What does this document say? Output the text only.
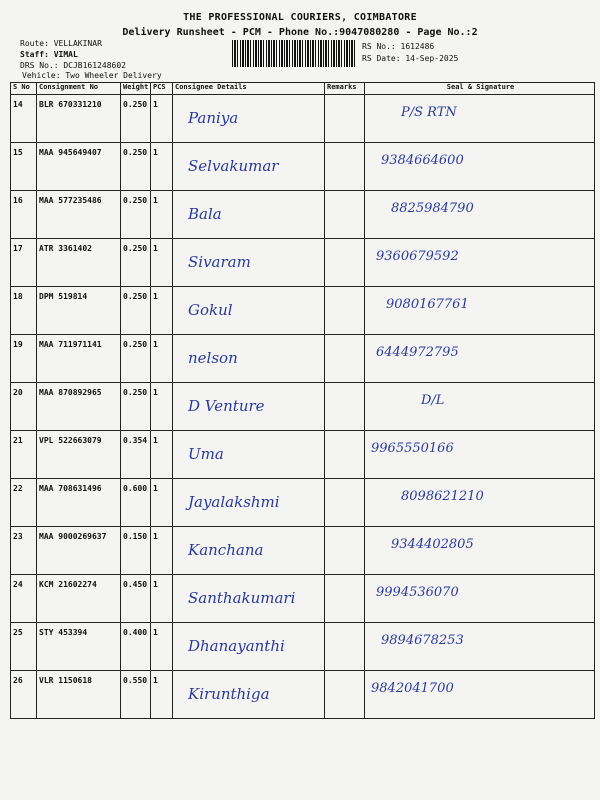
THE PROFESSIONAL COURIERS, COIMBATORE
Delivery Runsheet - PCM - Phone No.:9047080280 - Page No.:2
Route: VELLAKINAR
Staff: VIMAL
DRS No.: DCJB161248602
Vehicle: Two Wheeler Delivery
RS No.: 1612486
RS Date: 14-Sep-2025
S No	Consignment No	Weight	PCS	Consignee Details	Remarks	Seal & Signature
14	BLR 670331210	0.250	1	Paniya		P/S RTN

15	MAA 945649407	0.250	1	Selvakumar		9384664600

16	MAA 577235486	0.250	1	Bala		8825984790

17	ATR 3361402	0.250	1	Sivaram		9360679592

18	DPM 519814	0.250	1	Gokul		9080167761

19	MAA 711971141	0.250	1	nelson		6444972795

20	MAA 870892965	0.250	1	D Venture		D/L

21	VPL 522663079	0.354	1	Uma		9965550166

22	MAA 708631496	0.600	1	Jayalakshmi		8098621210

23	MAA 9000269637	0.150	1	Kanchana		9344402805

24	KCM 21602274	0.450	1	Santhakumari		9994536070

25	STY 453394	0.400	1	Dhanayanthi		9894678253

26	VLR 1150618	0.550	1	Kirunthiga		9842041700
